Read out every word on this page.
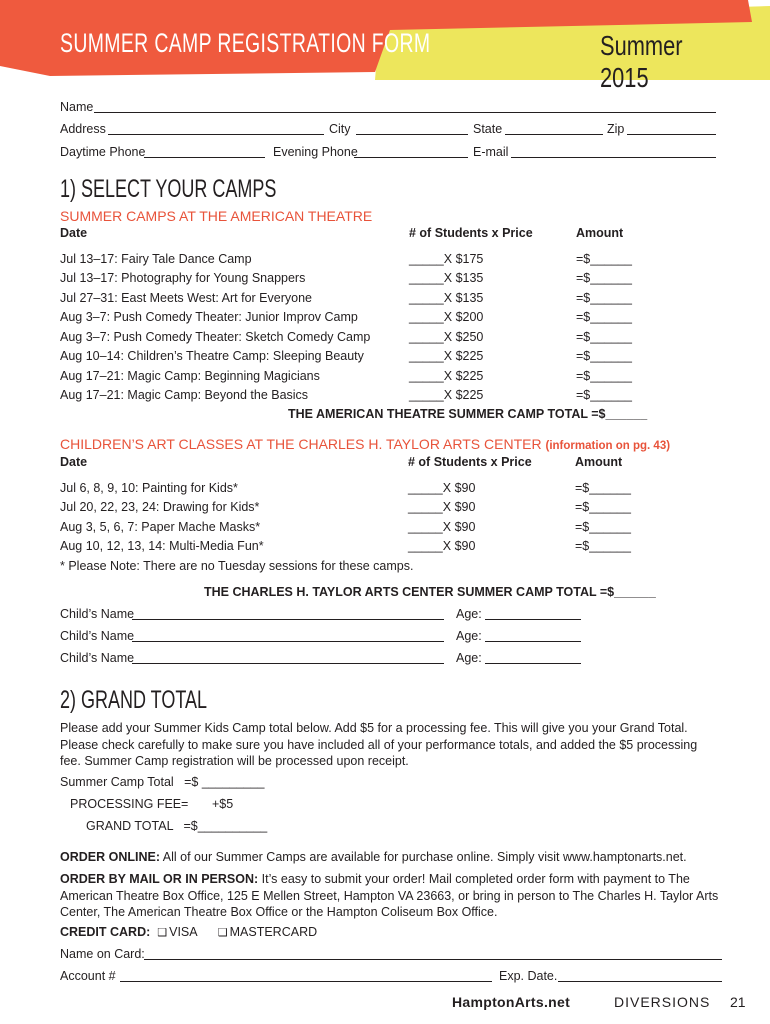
SUMMER CAMP REGISTRATION FORM	Summer 2015
Name
Address	City	State	Zip
Daytime Phone	Evening Phone	E-mail
1) SELECT YOUR CAMPS
SUMMER CAMPS AT THE AMERICAN THEATRE
Date	# of Students x Price	Amount
Jul 13–17: Fairy Tale Dance Camp	_____X $175	=$______
Jul 13–17: Photography for Young Snappers	_____X $135	=$______
Jul 27–31: East Meets West: Art for Everyone	_____X $135	=$______
Aug 3–7: Push Comedy Theater: Junior Improv Camp	_____X $200	=$______
Aug 3–7: Push Comedy Theater: Sketch Comedy Camp	_____X $250	=$______
Aug 10–14: Children’s Theatre Camp: Sleeping Beauty	_____X $225	=$______
Aug 17–21: Magic Camp: Beginning Magicians	_____X $225	=$______
Aug 17–21: Magic Camp: Beyond the Basics	_____X $225	=$______
THE AMERICAN THEATRE SUMMER CAMP TOTAL =$______
CHILDREN’S ART CLASSES AT THE CHARLES H. TAYLOR ARTS CENTER (information on pg. 43)
Date	# of Students x Price	Amount
Jul 6, 8, 9, 10: Painting for Kids*	_____X $90	=$______
Jul 20, 22, 23, 24: Drawing for Kids*	_____X $90	=$______
Aug 3, 5, 6, 7: Paper Mache Masks*	_____X $90	=$______
Aug 10, 12, 13, 14: Multi-Media Fun*	_____X $90	=$______
* Please Note: There are no Tuesday sessions for these camps.
THE CHARLES H. TAYLOR ARTS CENTER SUMMER CAMP TOTAL =$______
Child’s Name	Age:
Child’s Name	Age:
Child’s Name	Age:
2) GRAND TOTAL
Please add your Summer Kids Camp total below. Add $5 for a processing fee. This will give you your Grand Total. Please check carefully to make sure you have included all of your performance totals, and added the $5 processing fee. Summer Camp registration will be processed upon receipt.
Summer Camp Total   =$ _________
PROCESSING FEE = +$5
GRAND TOTAL   =$__________
ORDER ONLINE: All of our Summer Camps are available for purchase online. Simply visit www.hamptonarts.net.
ORDER BY MAIL OR IN PERSON: It’s easy to submit your order! Mail completed order form with payment to The American Theatre Box Office, 125 E Mellen Street, Hampton VA 23663, or bring in person to The Charles H. Taylor Arts Center, The American Theatre Box Office or the Hampton Coliseum Box Office.
CREDIT CARD: ❑ VISA ❑ MASTERCARD
Name on Card:
Account #	Exp. Date.
HamptonArts.net	DIVERSIONS 21
